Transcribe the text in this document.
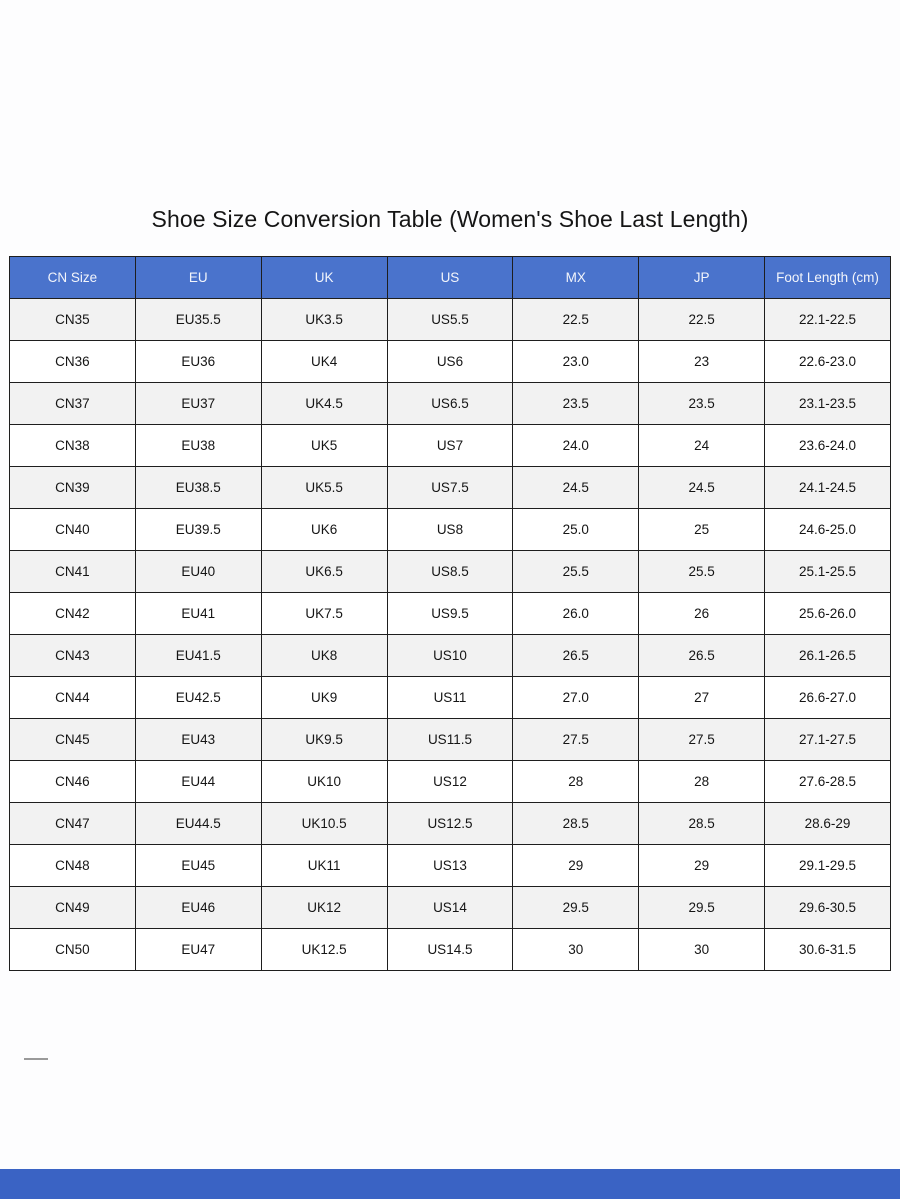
Shoe Size Conversion Table (Women's Shoe Last Length)
CN Size	EU	UK	US	MX	JP	Foot Length (cm)
CN35	EU35.5	UK3.5	US5.5	22.5	22.5	22.1-22.5
CN36	EU36	UK4	US6	23.0	23	22.6-23.0
CN37	EU37	UK4.5	US6.5	23.5	23.5	23.1-23.5
CN38	EU38	UK5	US7	24.0	24	23.6-24.0
CN39	EU38.5	UK5.5	US7.5	24.5	24.5	24.1-24.5
CN40	EU39.5	UK6	US8	25.0	25	24.6-25.0
CN41	EU40	UK6.5	US8.5	25.5	25.5	25.1-25.5
CN42	EU41	UK7.5	US9.5	26.0	26	25.6-26.0
CN43	EU41.5	UK8	US10	26.5	26.5	26.1-26.5
CN44	EU42.5	UK9	US11	27.0	27	26.6-27.0
CN45	EU43	UK9.5	US11.5	27.5	27.5	27.1-27.5
CN46	EU44	UK10	US12	28	28	27.6-28.5
CN47	EU44.5	UK10.5	US12.5	28.5	28.5	28.6-29
CN48	EU45	UK11	US13	29	29	29.1-29.5
CN49	EU46	UK12	US14	29.5	29.5	29.6-30.5
CN50	EU47	UK12.5	US14.5	30	30	30.6-31.5
